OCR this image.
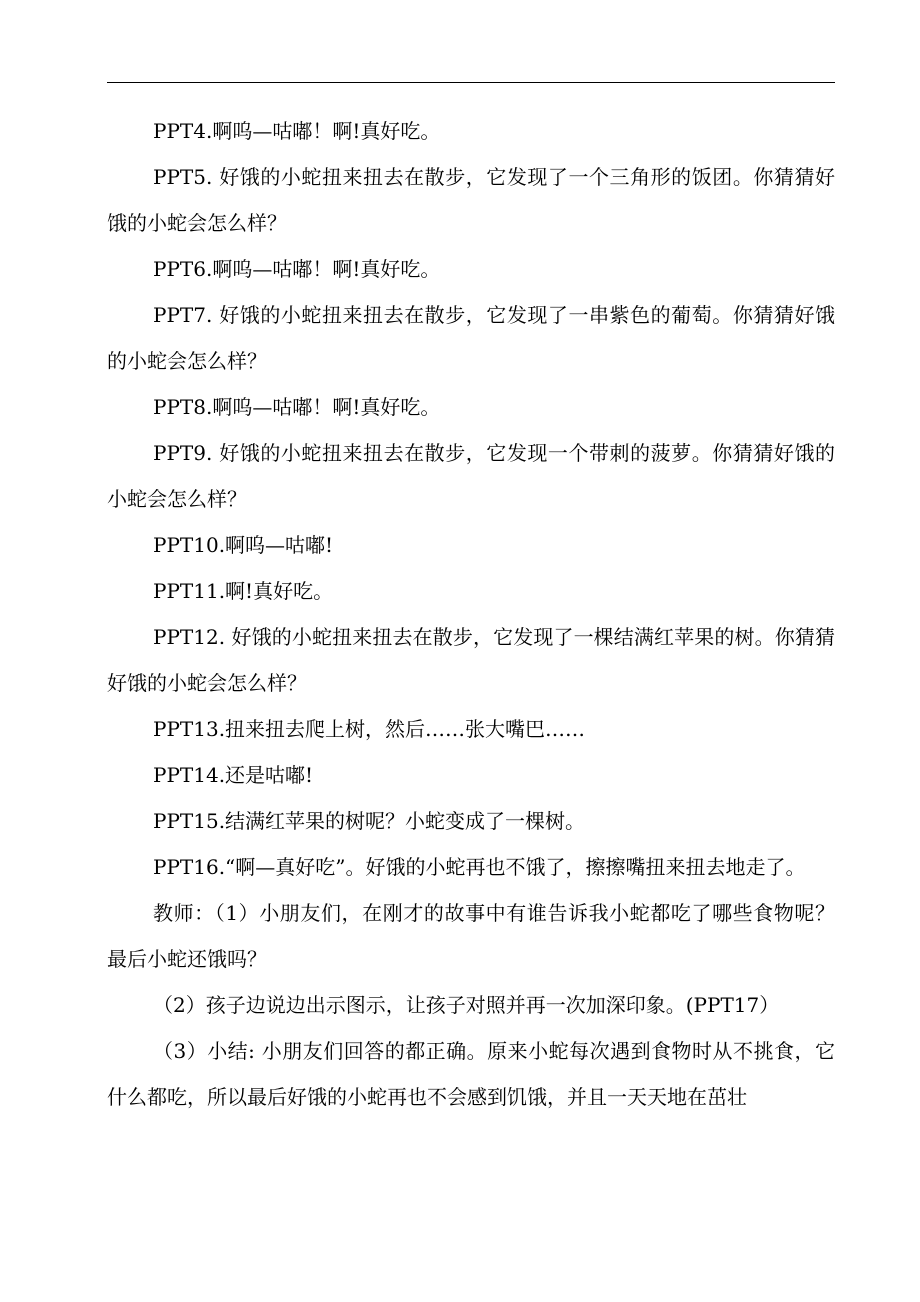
PPT4.啊呜—咕嘟！啊!真好吃。

PPT5. 好饿的小蛇扭来扭去在散步，它发现了一个三角形的饭团。你猜猜好饿的小蛇会怎么样？

PPT6.啊呜—咕嘟！啊!真好吃。

PPT7. 好饿的小蛇扭来扭去在散步，它发现了一串紫色的葡萄。你猜猜好饿的小蛇会怎么样？

PPT8.啊呜—咕嘟！啊!真好吃。

PPT9. 好饿的小蛇扭来扭去在散步，它发现一个带刺的菠萝。你猜猜好饿的小蛇会怎么样？

PPT10.啊呜—咕嘟!

PPT11.啊!真好吃。

PPT12. 好饿的小蛇扭来扭去在散步，它发现了一棵结满红苹果的树。你猜猜好饿的小蛇会怎么样？

PPT13.扭来扭去爬上树，然后……张大嘴巴……

PPT14.还是咕嘟!

PPT15.结满红苹果的树呢？小蛇变成了一棵树。

PPT16.“啊—真好吃”。好饿的小蛇再也不饿了，擦擦嘴扭来扭去地走了。

教师：（1）小朋友们，在刚才的故事中有谁告诉我小蛇都吃了哪些食物呢？最后小蛇还饿吗？

（2）孩子边说边出示图示，让孩子对照并再一次加深印象。(PPT17）

（3）小结: 小朋友们回答的都正确。原来小蛇每次遇到食物时从不挑食，它什么都吃，所以最后好饿的小蛇再也不会感到饥饿，并且一天天地在茁壮
